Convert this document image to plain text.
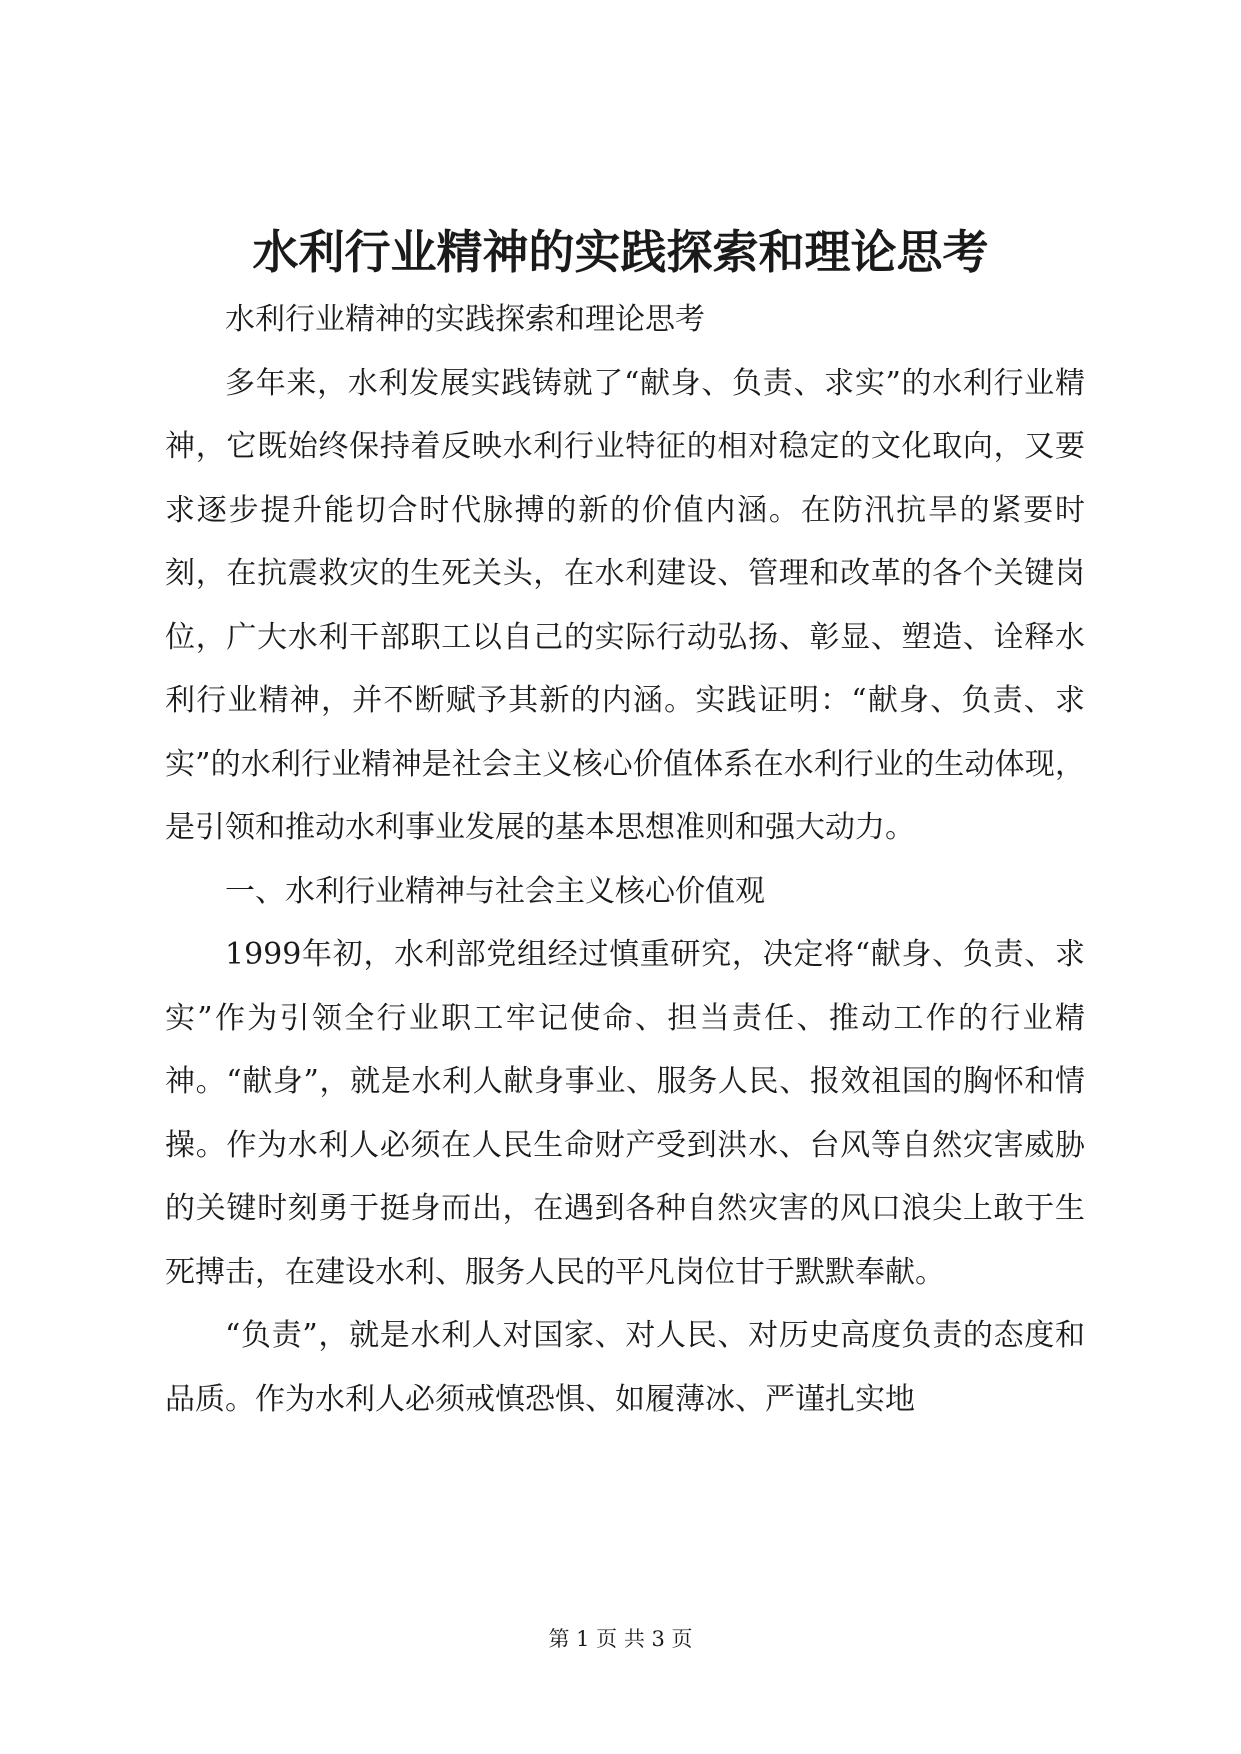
水利行业精神的实践探索和理论思考

水利行业精神的实践探索和理论思考

多年来，水利发展实践铸就了“献身、负责、求实”的水利行业精神，它既始终保持着反映水利行业特征的相对稳定的文化取向，又要求逐步提升能切合时代脉搏的新的价值内涵。在防汛抗旱的紧要时刻，在抗震救灾的生死关头，在水利建设、管理和改革的各个关键岗位，广大水利干部职工以自己的实际行动弘扬、彰显、塑造、诠释水利行业精神，并不断赋予其新的内涵。实践证明：“献身、负责、求实”的水利行业精神是社会主义核心价值体系在水利行业的生动体现，是引领和推动水利事业发展的基本思想准则和强大动力。

一、水利行业精神与社会主义核心价值观

1999年初，水利部党组经过慎重研究，决定将“献身、负责、求实”作为引领全行业职工牢记使命、担当责任、推动工作的行业精神。“献身”，就是水利人献身事业、服务人民、报效祖国的胸怀和情操。作为水利人必须在人民生命财产受到洪水、台风等自然灾害威胁的关键时刻勇于挺身而出，在遇到各种自然灾害的风口浪尖上敢于生死搏击，在建设水利、服务人民的平凡岗位甘于默默奉献。

“负责”，就是水利人对国家、对人民、对历史高度负责的态度和品质。作为水利人必须戒慎恐惧、如履薄冰、严谨扎实地

第 1 页 共 3 页
